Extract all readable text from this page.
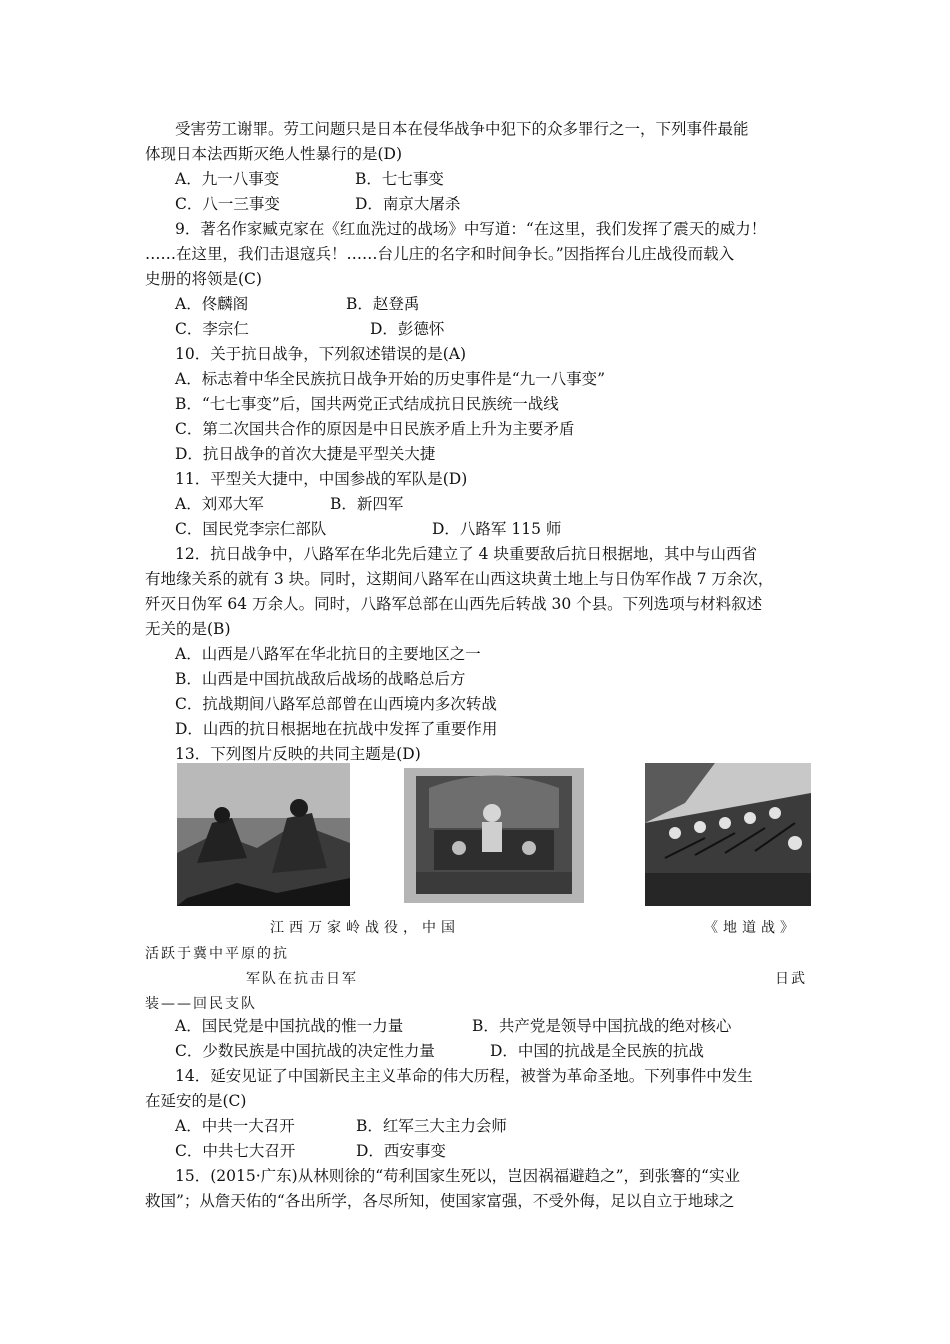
受害劳工谢罪。劳工问题只是日本在侵华战争中犯下的众多罪行之一，下列事件最能
体现日本法西斯灭绝人性暴行的是(D)
A．九一八事变	B．七七事变
C．八一三事变	D．南京大屠杀
9．著名作家臧克家在《红血洗过的战场》中写道：“在这里，我们发挥了震天的威力！
……在这里，我们击退寇兵！……台儿庄的名字和时间争长。”因指挥台儿庄战役而载入
史册的将领是(C)
A．佟麟阁	B．赵登禹
C．李宗仁	D．彭德怀
10．关于抗日战争，下列叙述错误的是(A)
A．标志着中华全民族抗日战争开始的历史事件是“九一八事变”
B．“七七事变”后，国共两党正式结成抗日民族统一战线
C．第二次国共合作的原因是中日民族矛盾上升为主要矛盾
D．抗日战争的首次大捷是平型关大捷
11．平型关大捷中，中国参战的军队是(D)
A．刘邓大军	B．新四军
C．国民党李宗仁部队	D．八路军 115 师
12．抗日战争中，八路军在华北先后建立了 4 块重要敌后抗日根据地，其中与山西省
有地缘关系的就有 3 块。同时，这期间八路军在山西这块黄土地上与日伪军作战 7 万余次，
歼灭日伪军 64 万余人。同时，八路军总部在山西先后转战 30 个县。下列选项与材料叙述
无关的是(B)
A．山西是八路军在华北抗日的主要地区之一
B．山西是中国抗战敌后战场的战略总后方
C．抗战期间八路军总部曾在山西境内多次转战
D．山西的抗日根据地在抗战中发挥了重要作用
13．下列图片反映的共同主题是(D)
江西万家岭战役，中国	《地道战》
活跃于冀中平原的抗
军队在抗击日军	日武
装——回民支队
A．国民党是中国抗战的惟一力量	B．共产党是领导中国抗战的绝对核心
C．少数民族是中国抗战的决定性力量	D．中国的抗战是全民族的抗战
14．延安见证了中国新民主主义革命的伟大历程，被誉为革命圣地。下列事件中发生
在延安的是(C)
A．中共一大召开	B．红军三大主力会师
C．中共七大召开	D．西安事变
15．(2015·广东)从林则徐的“苟利国家生死以，岂因祸福避趋之”，到张謇的“实业
救国”；从詹天佑的“各出所学，各尽所知，使国家富强，不受外侮，足以自立于地球之
